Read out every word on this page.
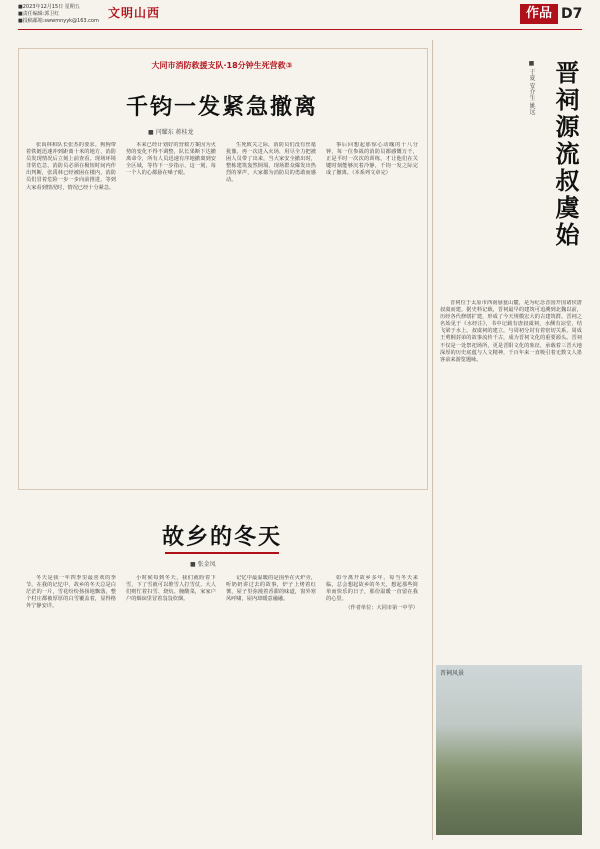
■2023年12月15日 星期五
■责任编辑:郭卫红
■投稿邮箱:swwmnyyk@163.com
文明山西	作品 D7
大同市消防救援支队·18分钟生死营救③
千钧一发紧急撤离
■ 闫耀东 蒋桂龙

张禹林和队长张杰的要求。狗狗带着铁链迅速冲到距离十米的地方，消防员发现情况后立刻上前查看。现场环境非常危急，消防员必须在极短时间内作出判断，张禹林已经被困在楼内，消防员们冒着危险一步一步向前推进，等到大家看到情况时，情况已经十分紧急。

本来已经计划好的营救方案因为火势的变化不得不调整，队长果断下达撤离命令，所有人员迅速有序地撤离到安全区域，等待下一步指示，这一刻，每一个人的心都悬在嗓子眼。

生死攸关之际，消防员们没有丝毫犹豫，再一次进入火场，用尽全力把被困人员带了出来，当大家安全撤出时，整栋建筑轰然倒塌，现场群众爆发出热烈的掌声，大家都为消防员的勇敢而感动。

事后回想起那惊心动魄的十八分钟，每一位参战的消防员都感慨万千，正是平时一次次的训练，才让他们在关键时刻能够沉着冷静，千钧一发之际完成了撤离。（本系列文章完）

故乡的冬天
■ 张金凤

冬天是我一年四季里最喜欢的季节。在我的记忆中，故乡的冬天总是白茫茫的一片，雪花纷纷扬扬地飘落，整个村庄都被厚厚的白雪覆盖着，显得格外宁静安详。

小时候每到冬天，我们就盼着下雪，下了雪就可以堆雪人打雪仗，大人们则忙着扫雪、烧炕、腌酸菜，家家户户的烟囱里冒着袅袅炊烟。

记忆中最温暖的是围坐在火炉旁，听奶奶讲过去的故事，炉子上烤着红薯，屋子里弥漫着香甜的味道，窗外寒风呼啸，屋内却暖意融融。

如今离开故乡多年，每当冬天来临，总会想起故乡的冬天，想起那些简单而快乐的日子，那份温暖一直留在我的心里。

（作者单位：大同市第一中学）

晋祠源流叔虞始
■ 于夏 安介生 姚远

晋祠位于太原市西南悬瓮山麓，是为纪念晋国开国诸侯唐叔虞而建。据史料记载，晋祠最早的建筑可追溯到北魏以前，历经各代修缮扩建，形成了今天规模宏大的古建筑群。晋祠之名始见于《水经注》，书中记载有唐叔虞祠，水侧有凉堂，结飞梁于水上。叔虞祠的建立，与周初分封有着密切关系，周成王剪桐封弟的故事流传千古，成为晋祠文化的重要源头。晋祠不仅是一处祭祀场所，更是晋阳文化的象征，承载着三晋大地深厚的历史底蕴与人文精神，千百年来一直吸引着无数文人墨客前来游览题咏。

晋祠风景
